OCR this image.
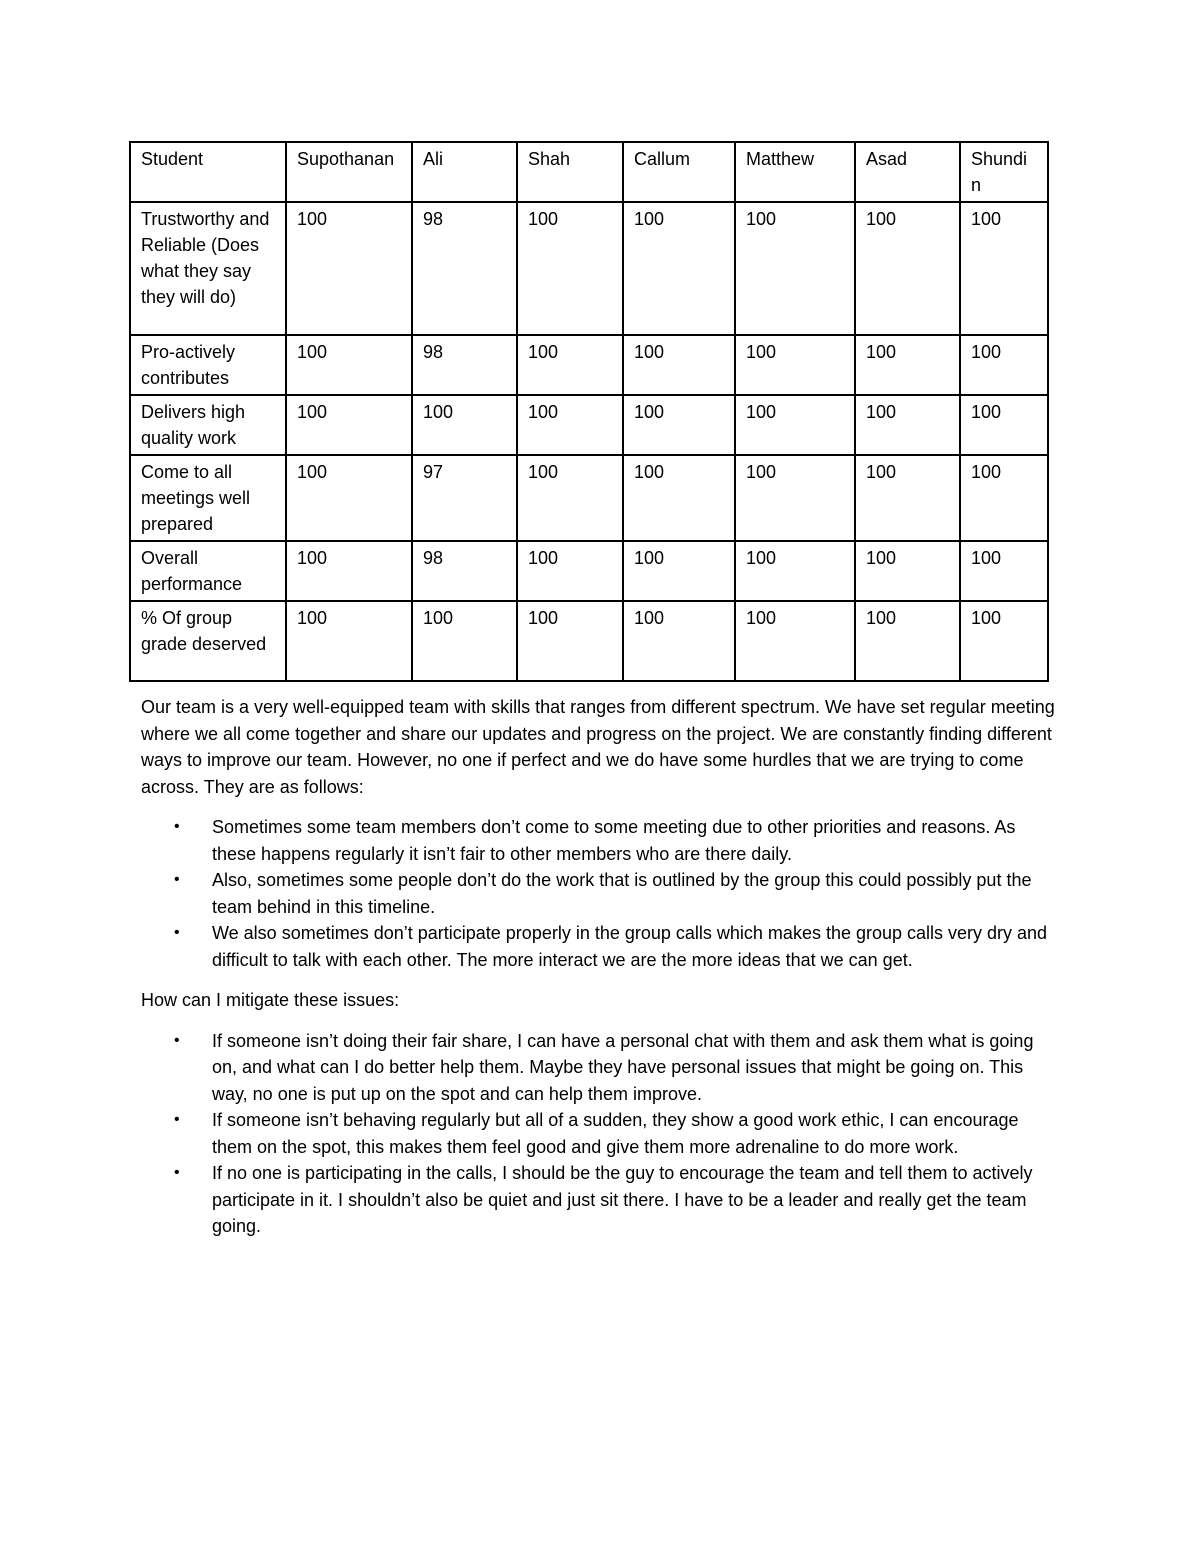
Student	Supothanan	Ali	Shah	Callum	Matthew	Asad	Shundin
Trustworthy and Reliable (Does what they say they will do)	100	98	100	100	100	100	100
Pro-actively contributes	100	98	100	100	100	100	100
Delivers high quality work	100	100	100	100	100	100	100
Come to all meetings well prepared	100	97	100	100	100	100	100
Overall performance	100	98	100	100	100	100	100
% Of group grade deserved	100	100	100	100	100	100	100

Our team is a very well-equipped team with skills that ranges from different spectrum. We have set regular meeting where we all come together and share our updates and progress on the project. We are constantly finding different ways to improve our team. However, no one if perfect and we do have some hurdles that we are trying to come across. They are as follows:

• Sometimes some team members don’t come to some meeting due to other priorities and reasons. As these happens regularly it isn’t fair to other members who are there daily.
• Also, sometimes some people don’t do the work that is outlined by the group this could possibly put the team behind in this timeline.
• We also sometimes don’t participate properly in the group calls which makes the group calls very dry and difficult to talk with each other. The more interact we are the more ideas that we can get.

How can I mitigate these issues:

• If someone isn’t doing their fair share, I can have a personal chat with them and ask them what is going on, and what can I do better help them. Maybe they have personal issues that might be going on. This way, no one is put up on the spot and can help them improve.
• If someone isn’t behaving regularly but all of a sudden, they show a good work ethic, I can encourage them on the spot, this makes them feel good and give them more adrenaline to do more work.
• If no one is participating in the calls, I should be the guy to encourage the team and tell them to actively participate in it. I shouldn’t also be quiet and just sit there. I have to be a leader and really get the team going.
